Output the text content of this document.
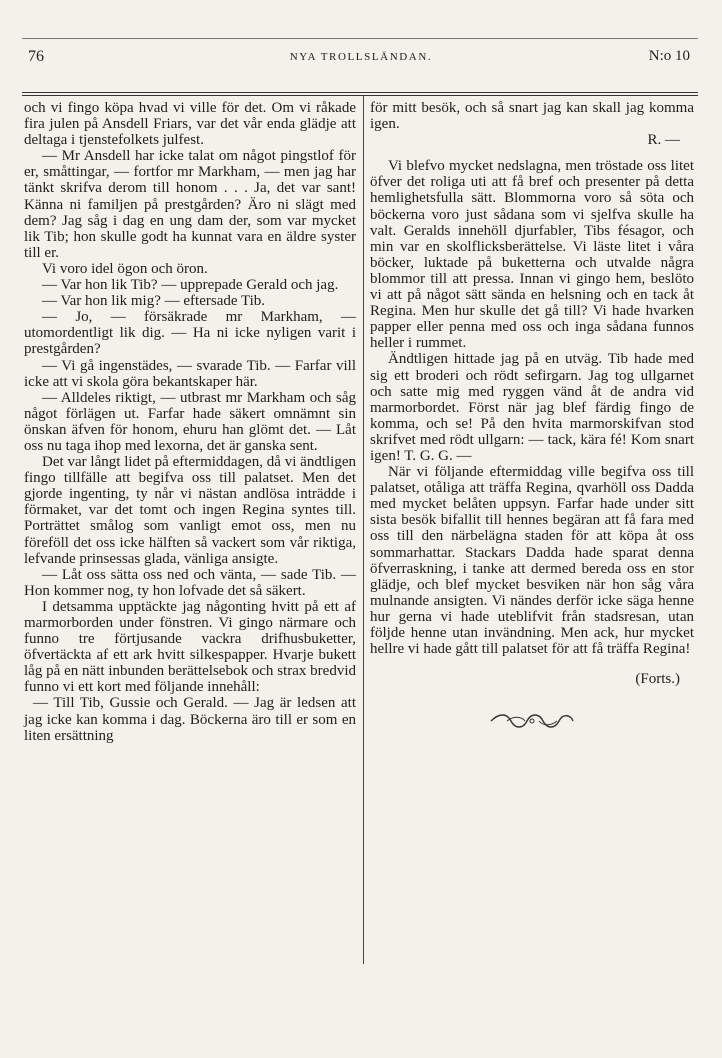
76	NYA TROLLSLÄNDAN.	N:o 10

och vi fingo köpa hvad vi ville för det. Om vi råkade fira julen på Ansdell Friars, var det vår enda glädje att deltaga i tjenstefolkets julfest.

— Mr Ansdell har icke talat om något pingstlof för er, småttingar, — fortfor mr Markham, — men jag har tänkt skrifva derom till honom . . . Ja, det var sant! Känna ni familjen på prestgården? Äro ni slägt med dem? Jag såg i dag en ung dam der, som var mycket lik Tib; hon skulle godt ha kunnat vara en äldre syster till er.

Vi voro idel ögon och öron.

— Var hon lik Tib? — upprepade Gerald och jag.

— Var hon lik mig? — eftersade Tib.

— Jo, — försäkrade mr Markham, — utomordentligt lik dig. — Ha ni icke nyligen varit i prestgården?

— Vi gå ingenstädes, — svarade Tib. — Farfar vill icke att vi skola göra bekantskaper här.

— Alldeles riktigt, — utbrast mr Markham och såg något förlägen ut. Farfar hade säkert omnämnt sin önskan äfven för honom, ehuru han glömt det. — Låt oss nu taga ihop med lexorna, det är ganska sent.

Det var långt lidet på eftermiddagen, då vi ändtligen fingo tillfälle att begifva oss till palatset. Men det gjorde ingenting, ty når vi nästan andlösa inträdde i förmaket, var det tomt och ingen Regina syntes till. Porträttet smålog som vanligt emot oss, men nu föreföll det oss icke hälften så vackert som vår riktiga, lefvande prinsessas glada, vänliga ansigte.

— Låt oss sätta oss ned och vänta, — sade Tib. — Hon kommer nog, ty hon lofvade det så säkert.

I detsamma upptäckte jag någonting hvitt på ett af marmorborden under fönstren. Vi gingo närmare och funno tre förtjusande vackra drifhusbuketter, öfvertäckta af ett ark hvitt silkespapper. Hvarje bukett låg på en nätt inbunden berättelsebok och strax bredvid funno vi ett kort med följande innehåll:

— Till Tib, Gussie och Gerald. — Jag är ledsen att jag icke kan komma i dag. Böckerna äro till er som en liten ersättning

för mitt besök, och så snart jag kan skall jag komma igen.

R. —

Vi blefvo mycket nedslagna, men tröstade oss litet öfver det roliga uti att få bref och presenter på detta hemlighetsfulla sätt. Blommorna voro så söta och böckerna voro just sådana som vi sjelfva skulle ha valt. Geralds innehöll djurfabler, Tibs fésagor, och min var en skolflicksberättelse. Vi läste litet i våra böcker, luktade på buketterna och utvalde några blommor till att pressa. Innan vi gingo hem, beslöto vi att på något sätt sända en helsning och en tack åt Regina. Men hur skulle det gå till? Vi hade hvarken papper eller penna med oss och inga sådana funnos heller i rummet.

Ändtligen hittade jag på en utväg. Tib hade med sig ett broderi och rödt sefirgarn. Jag tog ullgarnet och satte mig med ryggen vänd åt de andra vid marmorbordet. Först när jag blef färdig fingo de komma, och se! På den hvita marmorskifvan stod skrifvet med rödt ullgarn: — tack, kära fé! Kom snart igen! T. G. G. —

När vi följande eftermiddag ville begifva oss till palatset, otåliga att träffa Regina, qvarhöll oss Dadda med mycket belåten uppsyn. Farfar hade under sitt sista besök bifallit till hennes begäran att få fara med oss till den närbelägna staden för att köpa åt oss sommarhattar. Stackars Dadda hade sparat denna öfverraskning, i tanke att dermed bereda oss en stor glädje, och blef mycket besviken när hon såg våra mulnande ansigten. Vi nändes derför icke säga henne hur gerna vi hade uteblifvit från stadsresan, utan följde henne utan invändning. Men ack, hur mycket hellre vi hade gått till palatset för att få träffa Regina!

(Forts.)
